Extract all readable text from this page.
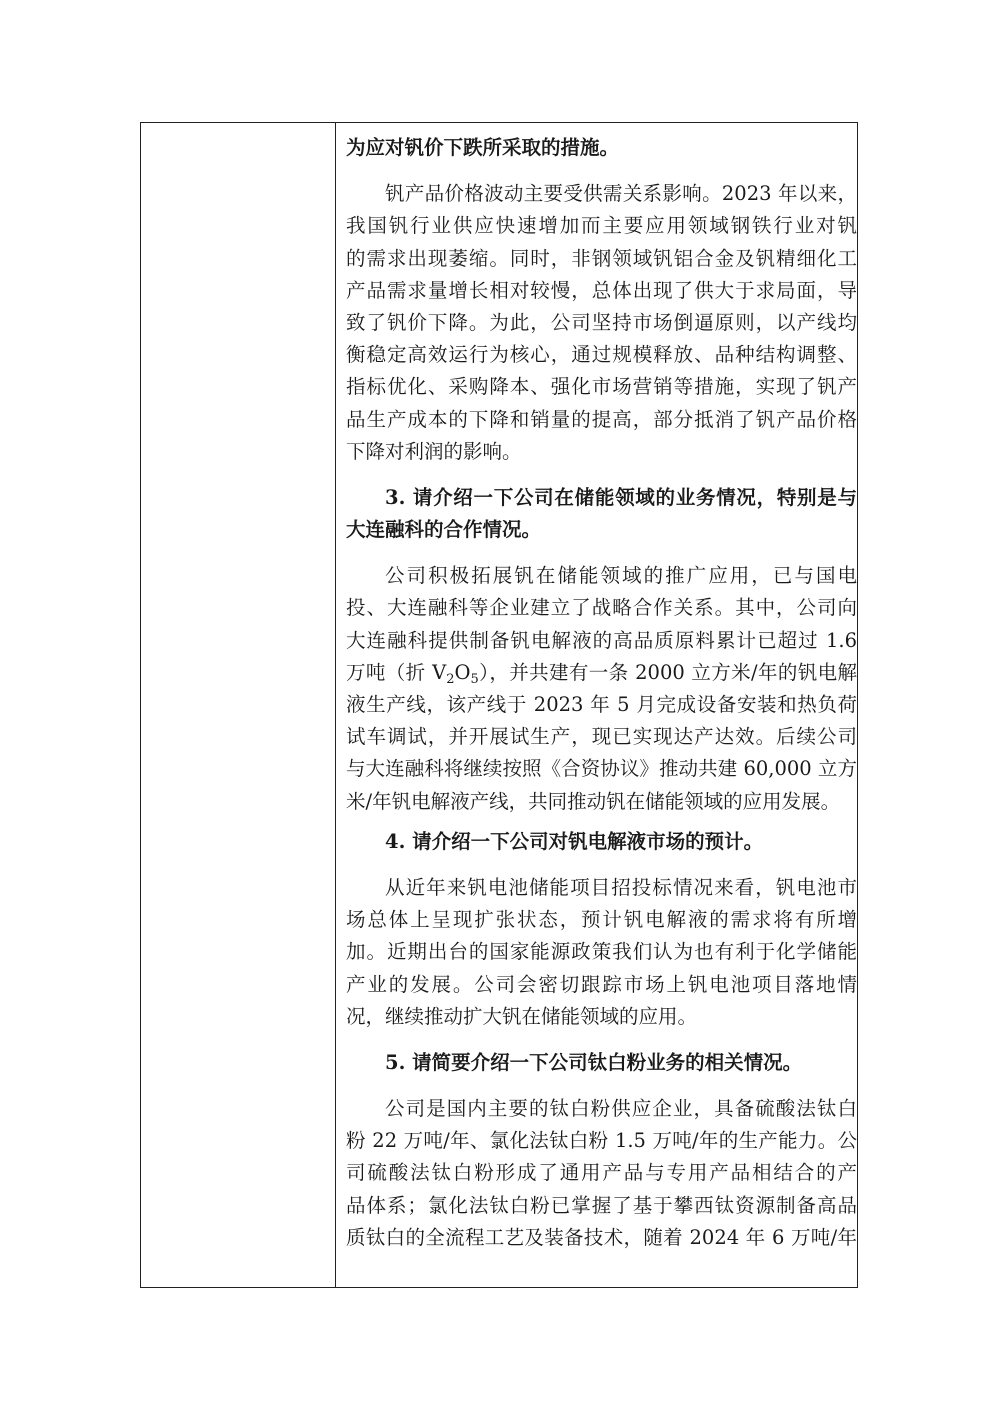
为应对钒价下跌所采取的措施。
钒产品价格波动主要受供需关系影响。2023 年以来，
我国钒行业供应快速增加而主要应用领域钢铁行业对钒
的需求出现萎缩。同时，非钢领域钒铝合金及钒精细化工
产品需求量增长相对较慢，总体出现了供大于求局面，导
致了钒价下降。为此，公司坚持市场倒逼原则，以产线均
衡稳定高效运行为核心，通过规模释放、品种结构调整、
指标优化、采购降本、强化市场营销等措施，实现了钒产
品生产成本的下降和销量的提高，部分抵消了钒产品价格
下降对利润的影响。
3. 请介绍一下公司在储能领域的业务情况，特别是与
大连融科的合作情况。
公司积极拓展钒在储能领域的推广应用，已与国电
投、大连融科等企业建立了战略合作关系。其中，公司向
大连融科提供制备钒电解液的高品质原料累计已超过 1.6
万吨（折 $V_2O_5$），并共建有一条 2000 立方米/年的钒电解
液生产线，该产线于 2023 年 5 月完成设备安装和热负荷
试车调试，并开展试生产，现已实现达产达效。后续公司
与大连融科将继续按照《合资协议》推动共建 60,000 立方
米/年钒电解液产线，共同推动钒在储能领域的应用发展。
4. 请介绍一下公司对钒电解液市场的预计。
从近年来钒电池储能项目招投标情况来看，钒电池市
场总体上呈现扩张状态，预计钒电解液的需求将有所增
加。近期出台的国家能源政策我们认为也有利于化学储能
产业的发展。公司会密切跟踪市场上钒电池项目落地情
况，继续推动扩大钒在储能领域的应用。
5. 请简要介绍一下公司钛白粉业务的相关情况。
公司是国内主要的钛白粉供应企业，具备硫酸法钛白
粉 22 万吨/年、氯化法钛白粉 1.5 万吨/年的生产能力。公
司硫酸法钛白粉形成了通用产品与专用产品相结合的产
品体系；氯化法钛白粉已掌握了基于攀西钛资源制备高品
质钛白的全流程工艺及装备技术，随着 2024 年 6 万吨/年
